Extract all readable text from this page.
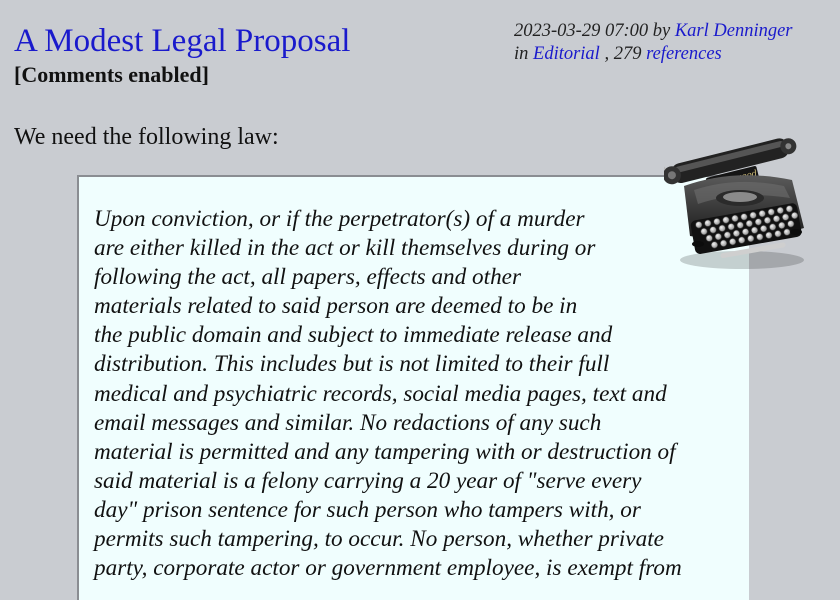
A Modest Legal Proposal
[Comments enabled]
2023-03-29 07:00 by Karl Denninger
in Editorial , 279 references
We need the following law:
Upon conviction, or if the perpetrator(s) of a murder
are either killed in the act or kill themselves during or
following the act, all papers, effects and other
materials related to said person are deemed to be in
the public domain and subject to immediate release and
distribution. This includes but is not limited to their full
medical and psychiatric records, social media pages, text and
email messages and similar. No redactions of any such
material is permitted and any tampering with or destruction of
said material is a felony carrying a 20 year of "serve every
day" prison sentence for such person who tampers with, or
permits such tampering, to occur. No person, whether private
party, corporate actor or government employee, is exempt from
